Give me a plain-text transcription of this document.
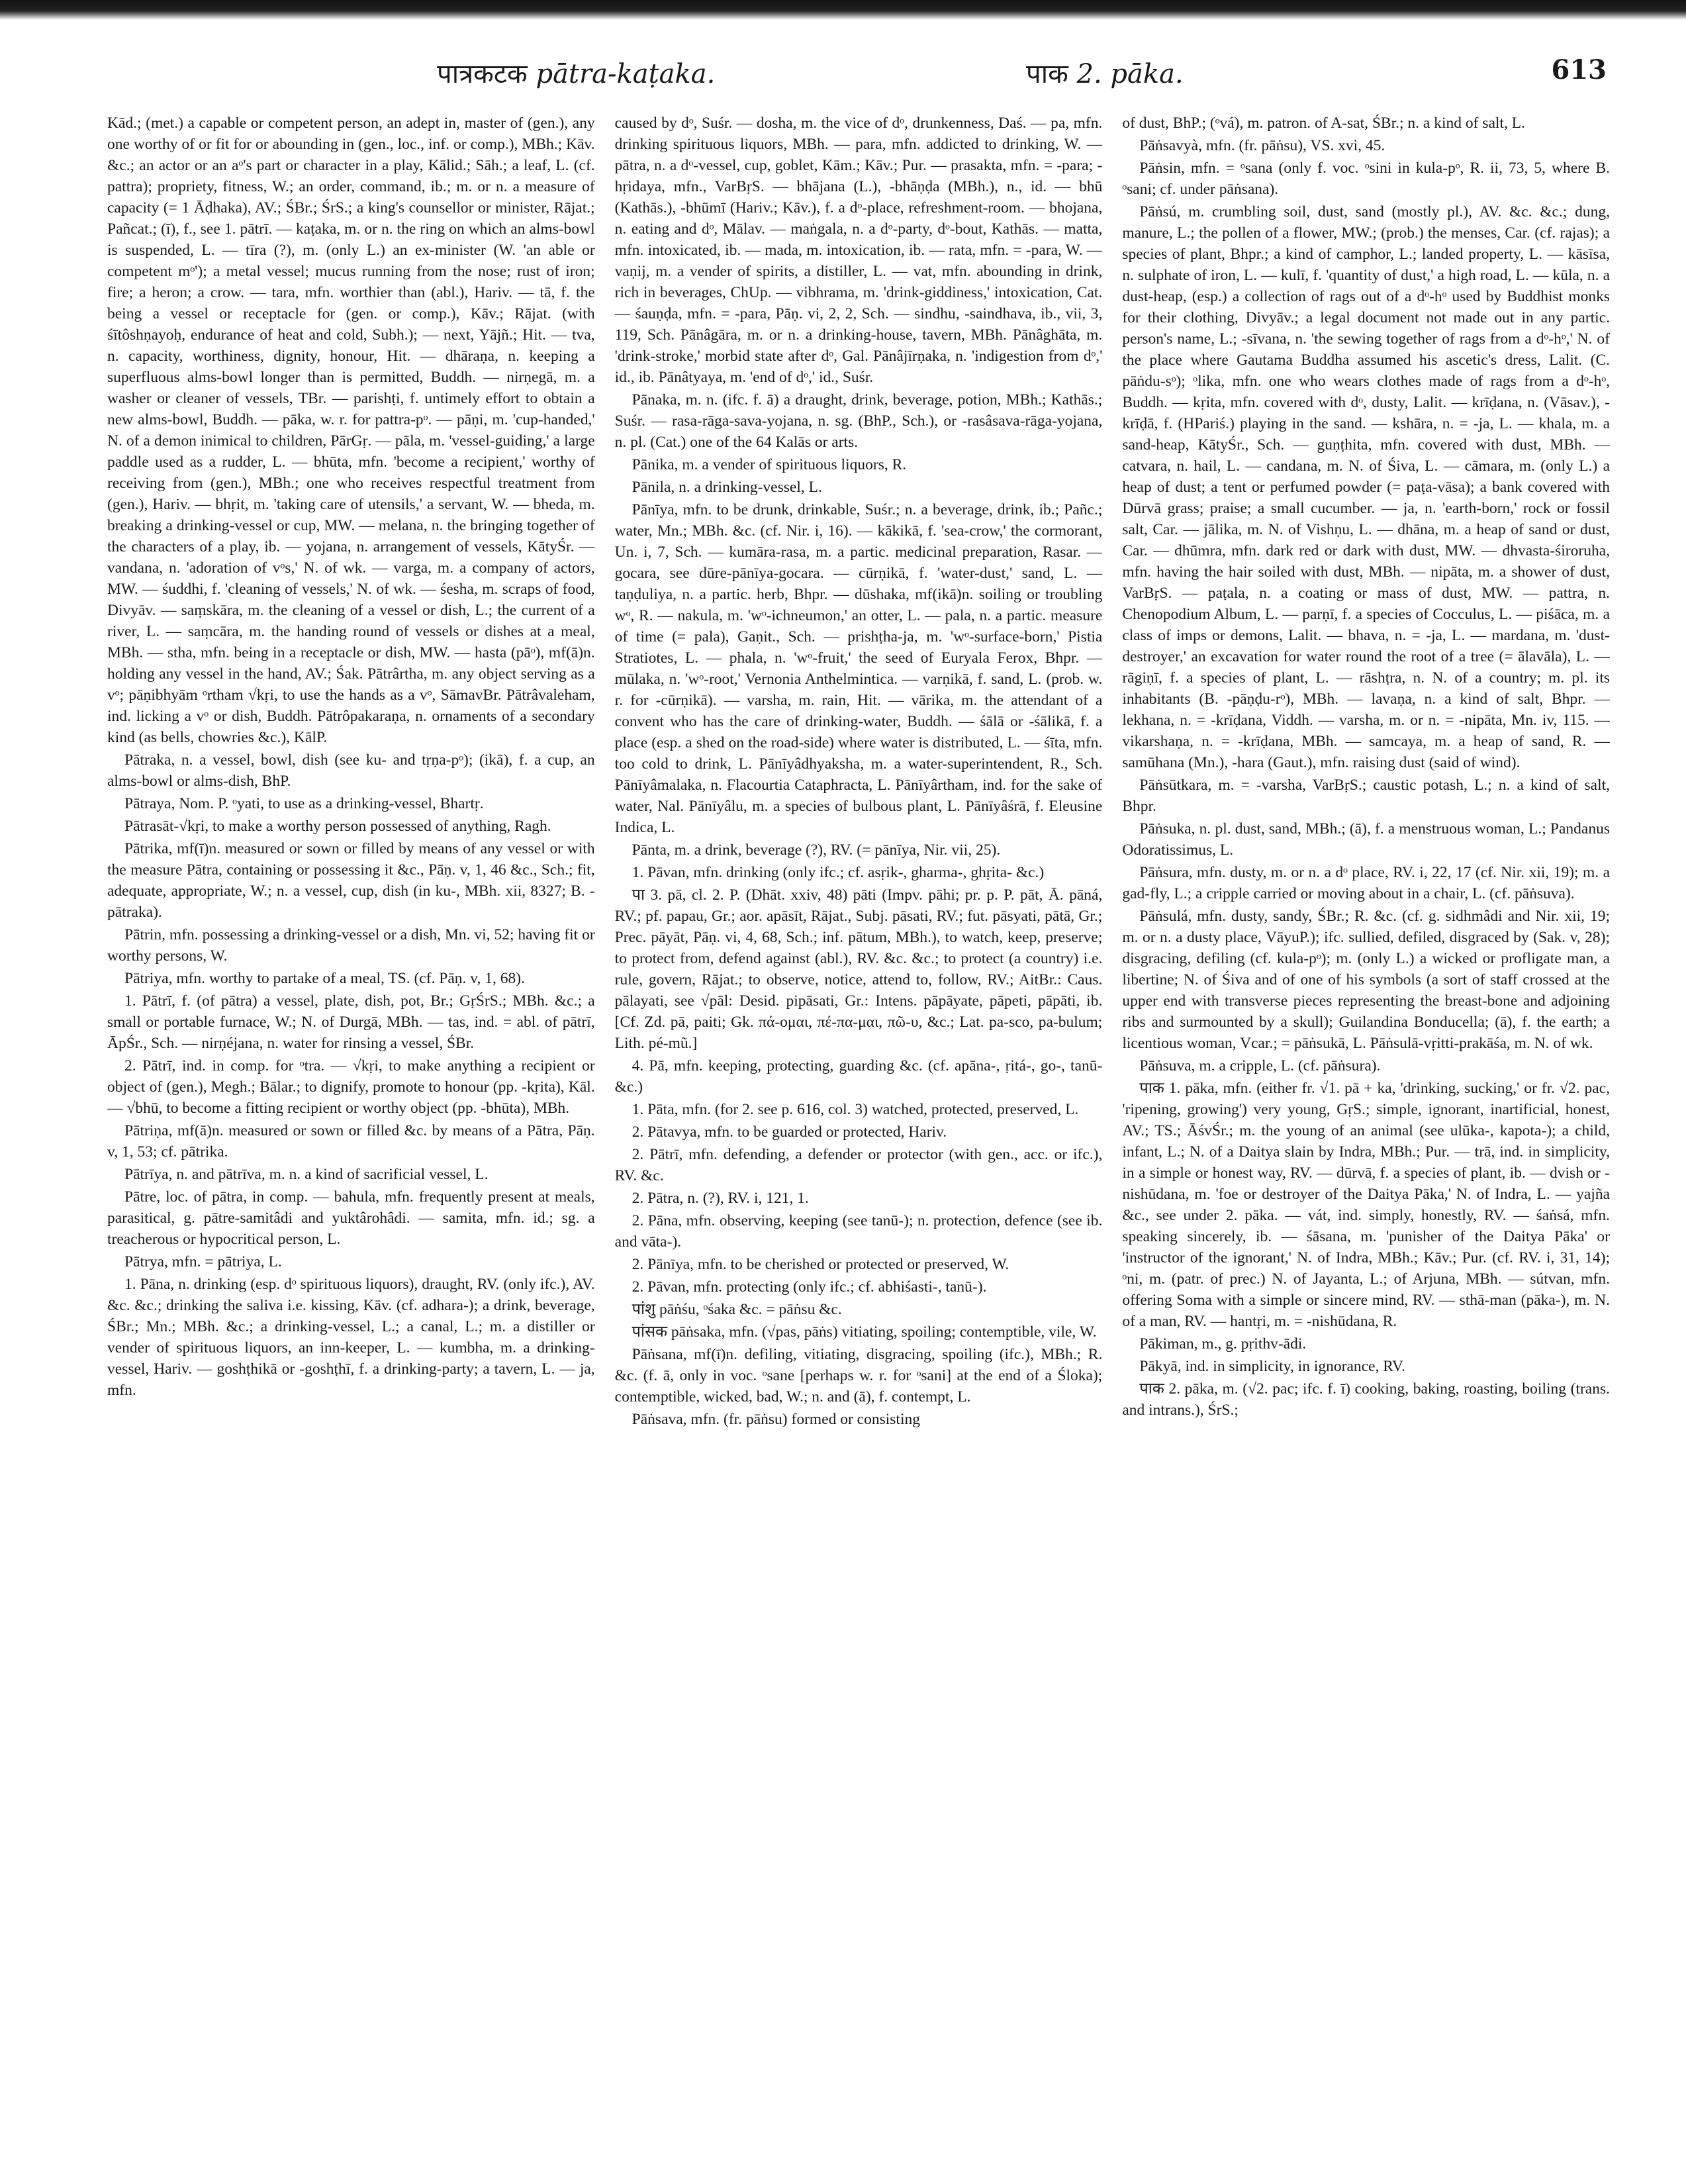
पात्रकटक pātra-kaṭaka.	पाक 2. pāka.	613

Kād.; (met.) a capable or competent person, an adept in, master of (gen.), any one worthy of or fit for or abounding in (gen., loc., inf. or comp.), MBh.; Kāv. &c.; an actor or an aᵒ's part or character in a play, Kālid.; Sāh.; a leaf, L. (cf. pattra); propriety, fitness, W.; an order, command, ib.; m. or n. a measure of capacity (= 1 Āḍhaka), AV.; ŚBr.; ŚrS.; a king's counsellor or minister, Rājat.; Pañcat.; (ī), f., see 1. pātrī. — kaṭaka, m. or n. the ring on which an alms-bowl is suspended, L. — tīra (?), m. (only L.) an ex-minister (W. 'an able or competent mᵒ'); a metal vessel; mucus running from the nose; rust of iron; fire; a heron; a crow. — tara, mfn. worthier than (abl.), Hariv. — tā, f. the being a vessel or receptacle for (gen. or comp.), Kāv.; Rājat. (with śītôshṇayoḥ, endurance of heat and cold, Subh.); — next, Yājñ.; Hit. — tva, n. capacity, worthiness, dignity, honour, Hit. — dhāraṇa, n. keeping a superfluous alms-bowl longer than is permitted, Buddh. — nirṇegā, m. a washer or cleaner of vessels, TBr. — parishṭi, f. untimely effort to obtain a new alms-bowl, Buddh. — pāka, w. r. for pattra-pᵒ. — pāṇi, m. 'cup-handed,' N. of a demon inimical to children, PārGṛ. — pāla, m. 'vessel-guiding,' a large paddle used as a rudder, L. — bhūta, mfn. 'become a recipient,' worthy of receiving from (gen.), MBh.; one who receives respectful treatment from (gen.), Hariv. — bhṛit, m. 'taking care of utensils,' a servant, W. — bheda, m. breaking a drinking-vessel or cup, MW. — melana, n. the bringing together of the characters of a play, ib. — yojana, n. arrangement of vessels, KātyŚr. — vandana, n. 'adoration of vᵒs,' N. of wk. — varga, m. a company of actors, MW. — śuddhi, f. 'cleaning of vessels,' N. of wk. — śesha, m. scraps of food, Divyāv. — saṃskāra, m. the cleaning of a vessel or dish, L.; the current of a river, L. — saṃcāra, m. the handing round of vessels or dishes at a meal, MBh. — stha, mfn. being in a receptacle or dish, MW. — hasta (pāᵒ), mf(ā)n. holding any vessel in the hand, AV.; Śak. Pātrârtha, m. any object serving as a vᵒ; pāṇibhyām ᵒrtham √kṛi, to use the hands as a vᵒ, SāmavBr. Pātrâvaleham, ind. licking a vᵒ or dish, Buddh. Pātrôpakaraṇa, n. ornaments of a secondary kind (as bells, chowries &c.), KālP.

Pātraka, n. a vessel, bowl, dish (see ku- and tṛṇa-pᵒ); (ikā), f. a cup, an alms-bowl or alms-dish, BhP.

Pātraya, Nom. P. ᵒyati, to use as a drinking-vessel, Bhartṛ.

Pātrasāt-√kṛi, to make a worthy person possessed of anything, Ragh.

Pātrika, mf(ī)n. measured or sown or filled by means of any vessel or with the measure Pātra, containing or possessing it &c., Pāṇ. v, 1, 46 &c., Sch.; fit, adequate, appropriate, W.; n. a vessel, cup, dish (in ku-, MBh. xii, 8327; B. -pātraka).

Pātrin, mfn. possessing a drinking-vessel or a dish, Mn. vi, 52; having fit or worthy persons, W.

Pātriya, mfn. worthy to partake of a meal, TS. (cf. Pāṇ. v, 1, 68).

1. Pātrī, f. (of pātra) a vessel, plate, dish, pot, Br.; GṛŚrS.; MBh. &c.; a small or portable furnace, W.; N. of Durgā, MBh. — tas, ind. = abl. of pātrī, ĀpŚr., Sch. — nirṇéjana, n. water for rinsing a vessel, ŚBr.

2. Pātrī, ind. in comp. for ᵒtra. — √kṛi, to make anything a recipient or object of (gen.), Megh.; Bālar.; to dignify, promote to honour (pp. -kṛita), Kāl. — √bhū, to become a fitting recipient or worthy object (pp. -bhūta), MBh.

Pātriṇa, mf(ā)n. measured or sown or filled &c. by means of a Pātra, Pāṇ. v, 1, 53; cf. pātrika.

Pātrīya, n. and pātrīva, m. n. a kind of sacrificial vessel, L.

Pātre, loc. of pātra, in comp. — bahula, mfn. frequently present at meals, parasitical, g. pātre-samitâdi and yuktârohâdi. — samita, mfn. id.; sg. a treacherous or hypocritical person, L.

Pātrya, mfn. = pātriya, L.

1. Pāna, n. drinking (esp. dᵒ spirituous liquors), draught, RV. (only ifc.), AV. &c. &c.; drinking the saliva i.e. kissing, Kāv. (cf. adhara-); a drink, beverage, ŚBr.; Mn.; MBh. &c.; a drinking-vessel, L.; a canal, L.; m. a distiller or vender of spirituous liquors, an inn-keeper, L. — kumbha, m. a drinking-vessel, Hariv. — goshṭhikā or -goshṭhī, f. a drinking-party; a tavern, L. — ja, mfn.

caused by dᵒ, Suśr. — dosha, m. the vice of dᵒ, drunkenness, Daś. — pa, mfn. drinking spirituous liquors, MBh. — para, mfn. addicted to drinking, W. — pātra, n. a dᵒ-vessel, cup, goblet, Kām.; Kāv.; Pur. — prasakta, mfn. = -para; -hṛidaya, mfn., VarBṛS. — bhājana (L.), -bhāṇḍa (MBh.), n., id. — bhū (Kathās.), -bhūmī (Hariv.; Kāv.), f. a dᵒ-place, refreshment-room. — bhojana, n. eating and dᵒ, Mālav. — maṅgala, n. a dᵒ-party, dᵒ-bout, Kathās. — matta, mfn. intoxicated, ib. — mada, m. intoxication, ib. — rata, mfn. = -para, W. — vaṇij, m. a vender of spirits, a distiller, L. — vat, mfn. abounding in drink, rich in beverages, ChUp. — vibhrama, m. 'drink-giddiness,' intoxication, Cat. — śauṇḍa, mfn. = -para, Pāṇ. vi, 2, 2, Sch. — sindhu, -saindhava, ib., vii, 3, 119, Sch. Pānâgāra, m. or n. a drinking-house, tavern, MBh. Pānâghāta, m. 'drink-stroke,' morbid state after dᵒ, Gal. Pānâjīrṇaka, n. 'indigestion from dᵒ,' id., ib. Pānâtyaya, m. 'end of dᵒ,' id., Suśr.

Pānaka, m. n. (ifc. f. ā) a draught, drink, beverage, potion, MBh.; Kathās.; Suśr. — rasa-rāga-sava-yojana, n. sg. (BhP., Sch.), or -rasâsava-rāga-yojana, n. pl. (Cat.) one of the 64 Kalās or arts.

Pānika, m. a vender of spirituous liquors, R.

Pānila, n. a drinking-vessel, L.

Pānīya, mfn. to be drunk, drinkable, Suśr.; n. a beverage, drink, ib.; Pañc.; water, Mn.; MBh. &c. (cf. Nir. i, 16). — kākikā, f. 'sea-crow,' the cormorant, Un. i, 7, Sch. — kumāra-rasa, m. a partic. medicinal preparation, Rasar. — gocara, see dūre-pānīya-gocara. — cūrṇikā, f. 'water-dust,' sand, L. — taṇḍuliya, n. a partic. herb, Bhpr. — dūshaka, mf(ikā)n. soiling or troubling wᵒ, R. — nakula, m. 'wᵒ-ichneumon,' an otter, L. — pala, n. a partic. measure of time (= pala), Gaṇit., Sch. — prishṭha-ja, m. 'wᵒ-surface-born,' Pistia Stratiotes, L. — phala, n. 'wᵒ-fruit,' the seed of Euryala Ferox, Bhpr. — mūlaka, n. 'wᵒ-root,' Vernonia Anthelmintica. — varṇikā, f. sand, L. (prob. w. r. for -cūrṇikā). — varsha, m. rain, Hit. — vārika, m. the attendant of a convent who has the care of drinking-water, Buddh. — śālā or -śālikā, f. a place (esp. a shed on the road-side) where water is distributed, L. — śīta, mfn. too cold to drink, L. Pānīyâdhyaksha, m. a water-superintendent, R., Sch. Pānīyâmalaka, n. Flacourtia Cataphracta, L. Pānīyârtham, ind. for the sake of water, Nal. Pānīyâlu, m. a species of bulbous plant, L. Pānīyâśrā, f. Eleusine Indica, L.

Pānta, m. a drink, beverage (?), RV. (= pānīya, Nir. vii, 25).

1. Pāvan, mfn. drinking (only ifc.; cf. asṛik-, gharma-, ghṛita- &c.)

पा 3. pā, cl. 2. P. (Dhāt. xxiv, 48) pāti (Impv. pāhi; pr. p. P. pāt, Ā. pāná, RV.; pf. papau, Gr.; aor. apāsīt, Rājat., Subj. pāsati, RV.; fut. pāsyati, pātā, Gr.; Prec. pāyāt, Pāṇ. vi, 4, 68, Sch.; inf. pātum, MBh.), to watch, keep, preserve; to protect from, defend against (abl.), RV. &c. &c.; to protect (a country) i.e. rule, govern, Rājat.; to observe, notice, attend to, follow, RV.; AitBr.: Caus. pālayati, see √pāl: Desid. pipāsati, Gr.: Intens. pāpāyate, pāpeti, pāpāti, ib. [Cf. Zd. pā, paiti; Gk. πά-ομαι, πέ-πα-μαι, πῶ-υ, &c.; Lat. pa-sco, pa-bulum; Lith. pé-mũ.]

4. Pā, mfn. keeping, protecting, guarding &c. (cf. apāna-, ṛitá-, go-, tanū- &c.)

1. Pāta, mfn. (for 2. see p. 616, col. 3) watched, protected, preserved, L.

2. Pātavya, mfn. to be guarded or protected, Hariv.

2. Pātrī, mfn. defending, a defender or protector (with gen., acc. or ifc.), RV. &c.

2. Pātra, n. (?), RV. i, 121, 1.

2. Pāna, mfn. observing, keeping (see tanū-); n. protection, defence (see ib. and vāta-).

2. Pānīya, mfn. to be cherished or protected or preserved, W.

2. Pāvan, mfn. protecting (only ifc.; cf. abhiśasti-, tanū-).

पांशु pāṅśu, ᵒśaka &c. = pāṅsu &c.

पांसक pāṅsaka, mfn. (√pas, pāṅs) vitiating, spoiling; contemptible, vile, W.

Pāṅsana, mf(ī)n. defiling, vitiating, disgracing, spoiling (ifc.), MBh.; R. &c. (f. ā, only in voc. ᵒsane [perhaps w. r. for ᵒsani] at the end of a Śloka); contemptible, wicked, bad, W.; n. and (ā), f. contempt, L.

Pāṅsava, mfn. (fr. pāṅsu) formed or consisting

of dust, BhP.; (ᵒvá), m. patron. of A-sat, ŚBr.; n. a kind of salt, L.

Pāṅsavyà, mfn. (fr. pāṅsu), VS. xvi, 45.

Pāṅsin, mfn. = ᵒsana (only f. voc. ᵒsini in kula-pᵒ, R. ii, 73, 5, where B. ᵒsani; cf. under pāṅsana).

Pāṅsú, m. crumbling soil, dust, sand (mostly pl.), AV. &c. &c.; dung, manure, L.; the pollen of a flower, MW.; (prob.) the menses, Car. (cf. rajas); a species of plant, Bhpr.; a kind of camphor, L.; landed property, L. — kāsīsa, n. sulphate of iron, L. — kulī, f. 'quantity of dust,' a high road, L. — kūla, n. a dust-heap, (esp.) a collection of rags out of a dᵒ-hᵒ used by Buddhist monks for their clothing, Divyāv.; a legal document not made out in any partic. person's name, L.; -sīvana, n. 'the sewing together of rags from a dᵒ-hᵒ,' N. of the place where Gautama Buddha assumed his ascetic's dress, Lalit. (C. pāṅdu-sᵒ); ᵒlika, mfn. one who wears clothes made of rags from a dᵒ-hᵒ, Buddh. — kṛita, mfn. covered with dᵒ, dusty, Lalit. — krīḍana, n. (Vāsav.), -krīḍā, f. (HPariś.) playing in the sand. — kshāra, n. = -ja, L. — khala, m. a sand-heap, KātyŚr., Sch. — guṇṭhita, mfn. covered with dust, MBh. — catvara, n. hail, L. — candana, m. N. of Śiva, L. — cāmara, m. (only L.) a heap of dust; a tent or perfumed powder (= paṭa-vāsa); a bank covered with Dūrvā grass; praise; a small cucumber. — ja, n. 'earth-born,' rock or fossil salt, Car. — jālika, m. N. of Vishṇu, L. — dhāna, m. a heap of sand or dust, Car. — dhūmra, mfn. dark red or dark with dust, MW. — dhvasta-śiroruha, mfn. having the hair soiled with dust, MBh. — nipāta, m. a shower of dust, VarBṛS. — paṭala, n. a coating or mass of dust, MW. — pattra, n. Chenopodium Album, L. — parṇī, f. a species of Cocculus, L. — piśāca, m. a class of imps or demons, Lalit. — bhava, n. = -ja, L. — mardana, m. 'dust-destroyer,' an excavation for water round the root of a tree (= ālavāla), L. — rāgiṇī, f. a species of plant, L. — rāshṭra, n. N. of a country; m. pl. its inhabitants (B. -pāṇḍu-rᵒ), MBh. — lavaṇa, n. a kind of salt, Bhpr. — lekhana, n. = -krīḍana, Viddh. — varsha, m. or n. = -nipāta, Mn. iv, 115. — vikarshaṇa, n. = -krīḍana, MBh. — samcaya, m. a heap of sand, R. — samūhana (Mn.), -hara (Gaut.), mfn. raising dust (said of wind).

Pāṅsūtkara, m. = -varsha, VarBṛS.; caustic potash, L.; n. a kind of salt, Bhpr.

Pāṅsuka, n. pl. dust, sand, MBh.; (ā), f. a menstruous woman, L.; Pandanus Odoratissimus, L.

Pāṅsura, mfn. dusty, m. or n. a dᵒ place, RV. i, 22, 17 (cf. Nir. xii, 19); m. a gad-fly, L.; a cripple carried or moving about in a chair, L. (cf. pāṅsuva).

Pāṅsulá, mfn. dusty, sandy, ŚBr.; R. &c. (cf. g. sidhmâdi and Nir. xii, 19; m. or n. a dusty place, VāyuP.); ifc. sullied, defiled, disgraced by (Sak. v, 28); disgracing, defiling (cf. kula-pᵒ); m. (only L.) a wicked or profligate man, a libertine; N. of Śiva and of one of his symbols (a sort of staff crossed at the upper end with transverse pieces representing the breast-bone and adjoining ribs and surmounted by a skull); Guilandina Bonducella; (ā), f. the earth; a licentious woman, Vcar.; = pāṅsukā, L. Pāṅsulā-vṛitti-prakāśa, m. N. of wk.

Pāṅsuva, m. a cripple, L. (cf. pāṅsura).

पाक 1. pāka, mfn. (either fr. √1. pā + ka, 'drinking, sucking,' or fr. √2. pac, 'ripening, growing') very young, GṛS.; simple, ignorant, inartificial, honest, AV.; TS.; ĀśvŚr.; m. the young of an animal (see ulūka-, kapota-); a child, infant, L.; N. of a Daitya slain by Indra, MBh.; Pur. — trā, ind. in simplicity, in a simple or honest way, RV. — dūrvā, f. a species of plant, ib. — dvish or -nishūdana, m. 'foe or destroyer of the Daitya Pāka,' N. of Indra, L. — yajña &c., see under 2. pāka. — vát, ind. simply, honestly, RV. — śaṅsá, mfn. speaking sincerely, ib. — śāsana, m. 'punisher of the Daitya Pāka' or 'instructor of the ignorant,' N. of Indra, MBh.; Kāv.; Pur. (cf. RV. i, 31, 14); ᵒni, m. (patr. of prec.) N. of Jayanta, L.; of Arjuna, MBh. — sútvan, mfn. offering Soma with a simple or sincere mind, RV. — sthā-man (pāka-), m. N. of a man, RV. — hantṛi, m. = -nishūdana, R.

Pākiman, m., g. pṛithv-ādi.

Pākyā, ind. in simplicity, in ignorance, RV.

पाक 2. pāka, m. (√2. pac; ifc. f. ī) cooking, baking, roasting, boiling (trans. and intrans.), ŚrS.;
